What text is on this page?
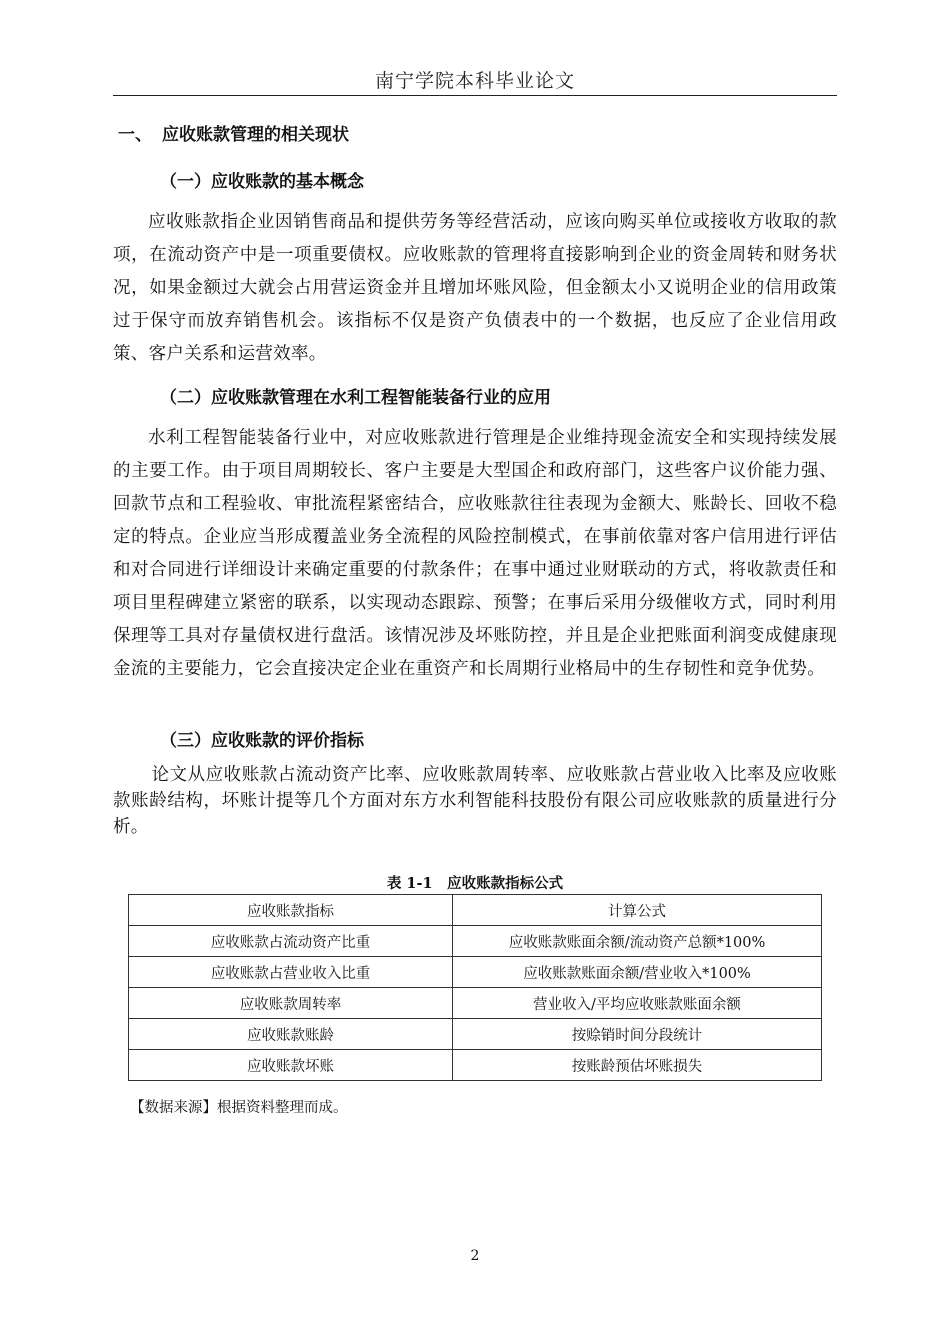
南宁学院本科毕业论文
一、 应收账款管理的相关现状
（一）应收账款的基本概念

应收账款指企业因销售商品和提供劳务等经营活动，应该向购买单位或接收方收取的款项，在流动资产中是一项重要债权。应收账款的管理将直接影响到企业的资金周转和财务状况，如果金额过大就会占用营运资金并且增加坏账风险，但金额太小又说明企业的信用政策过于保守而放弃销售机会。该指标不仅是资产负债表中的一个数据，也反应了企业信用政策、客户关系和运营效率。

（二）应收账款管理在水利工程智能装备行业的应用

水利工程智能装备行业中，对应收账款进行管理是企业维持现金流安全和实现持续发展的主要工作。由于项目周期较长、客户主要是大型国企和政府部门，这些客户议价能力强、回款节点和工程验收、审批流程紧密结合，应收账款往往表现为金额大、账龄长、回收不稳定的特点。企业应当形成覆盖业务全流程的风险控制模式，在事前依靠对客户信用进行评估和对合同进行详细设计来确定重要的付款条件；在事中通过业财联动的方式，将收款责任和项目里程碑建立紧密的联系，以实现动态跟踪、预警；在事后采用分级催收方式，同时利用保理等工具对存量债权进行盘活。该情况涉及坏账防控，并且是企业把账面利润变成健康现金流的主要能力，它会直接决定企业在重资产和长周期行业格局中的生存韧性和竞争优势。

（三）应收账款的评价指标

论文从应收账款占流动资产比率、应收账款周转率、应收账款占营业收入比率及应收账款账龄结构，坏账计提等几个方面对东方水利智能科技股份有限公司应收账款的质量进行分析。

表 1-1　应收账款指标公式
应收账款指标	计算公式
应收账款占流动资产比重	应收账款账面余额/流动资产总额*100%
应收账款占营业收入比重	应收账款账面余额/营业收入*100%
应收账款周转率	营业收入/平均应收账款账面余额
应收账款账龄	按赊销时间分段统计
应收账款坏账	按账龄预估坏账损失
【数据来源】根据资料整理而成。
2
